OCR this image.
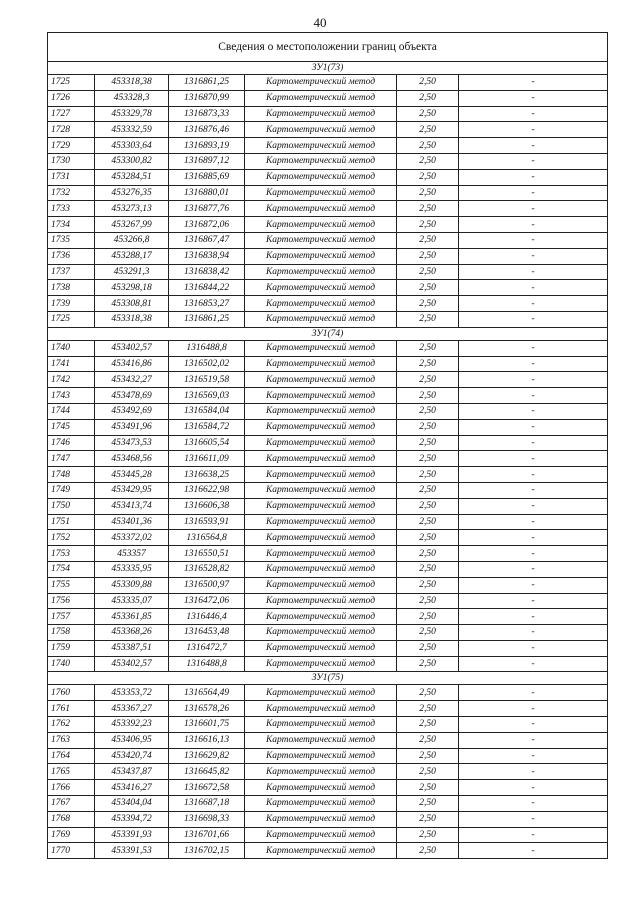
40
Сведения о местоположении границ объекта					
ЗУ1(73)					
1725	453318,38	1316861,25	Картометрический метод	2,50	-
1726	453328,3	1316870,99	Картометрический метод	2,50	-
1727	453329,78	1316873,33	Картометрический метод	2,50	-
1728	453332,59	1316876,46	Картометрический метод	2,50	-
1729	453303,64	1316893,19	Картометрический метод	2,50	-
1730	453300,82	1316897,12	Картометрический метод	2,50	-
1731	453284,51	1316885,69	Картометрический метод	2,50	-
1732	453276,35	1316880,01	Картометрический метод	2,50	-
1733	453273,13	1316877,76	Картометрический метод	2,50	-
1734	453267,99	1316872,06	Картометрический метод	2,50	-
1735	453266,8	1316867,47	Картометрический метод	2,50	-
1736	453288,17	1316838,94	Картометрический метод	2,50	-
1737	453291,3	1316838,42	Картометрический метод	2,50	-
1738	453298,18	1316844,22	Картометрический метод	2,50	-
1739	453308,81	1316853,27	Картометрический метод	2,50	-
1725	453318,38	1316861,25	Картометрический метод	2,50	-
ЗУ1(74)					
1740	453402,57	1316488,8	Картометрический метод	2,50	-
1741	453416,86	1316502,02	Картометрический метод	2,50	-
1742	453432,27	1316519,58	Картометрический метод	2,50	-
1743	453478,69	1316569,03	Картометрический метод	2,50	-
1744	453492,69	1316584,04	Картометрический метод	2,50	-
1745	453491,96	1316584,72	Картометрический метод	2,50	-
1746	453473,53	1316605,54	Картометрический метод	2,50	-
1747	453468,56	1316611,09	Картометрический метод	2,50	-
1748	453445,28	1316638,25	Картометрический метод	2,50	-
1749	453429,95	1316622,98	Картометрический метод	2,50	-
1750	453413,74	1316606,38	Картометрический метод	2,50	-
1751	453401,36	1316593,91	Картометрический метод	2,50	-
1752	453372,02	1316564,8	Картометрический метод	2,50	-
1753	453357	1316550,51	Картометрический метод	2,50	-
1754	453335,95	1316528,82	Картометрический метод	2,50	-
1755	453309,88	1316500,97	Картометрический метод	2,50	-
1756	453335,07	1316472,06	Картометрический метод	2,50	-
1757	453361,85	1316446,4	Картометрический метод	2,50	-
1758	453368,26	1316453,48	Картометрический метод	2,50	-
1759	453387,51	1316472,7	Картометрический метод	2,50	-
1740	453402,57	1316488,8	Картометрический метод	2,50	-
ЗУ1(75)					
1760	453353,72	1316564,49	Картометрический метод	2,50	-
1761	453367,27	1316578,26	Картометрический метод	2,50	-
1762	453392,23	1316601,75	Картометрический метод	2,50	-
1763	453406,95	1316616,13	Картометрический метод	2,50	-
1764	453420,74	1316629,82	Картометрический метод	2,50	-
1765	453437,87	1316645,82	Картометрический метод	2,50	-
1766	453416,27	1316672,58	Картометрический метод	2,50	-
1767	453404,04	1316687,18	Картометрический метод	2,50	-
1768	453394,72	1316698,33	Картометрический метод	2,50	-
1769	453391,93	1316701,66	Картометрический метод	2,50	-
1770	453391,53	1316702,15	Картометрический метод	2,50	-
